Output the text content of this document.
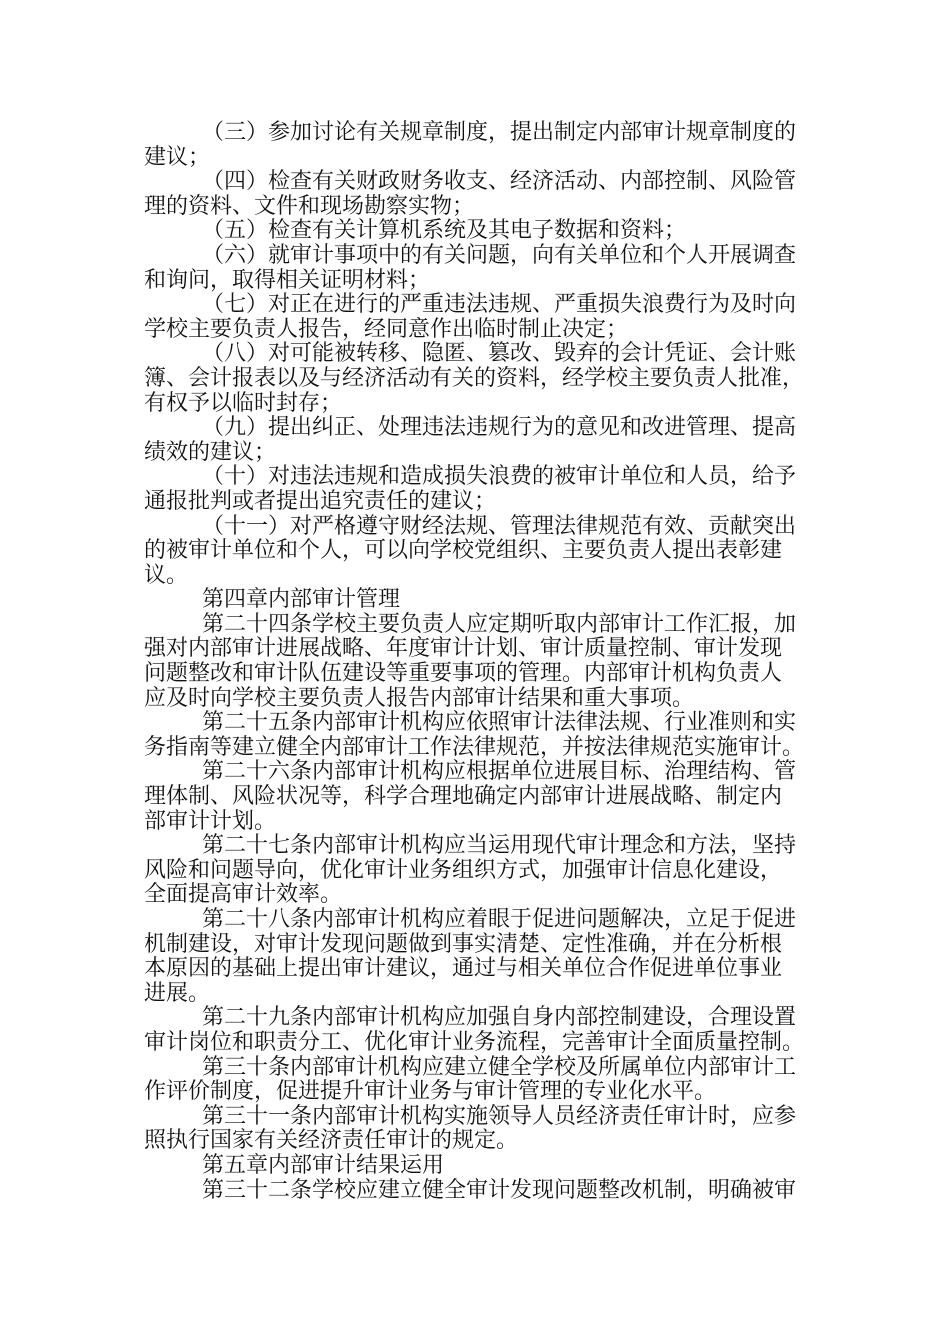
（三）参加讨论有关规章制度，提出制定内部审计规章制度的
建议；

（四）检查有关财政财务收支、经济活动、内部控制、风险管
理的资料、文件和现场勘察实物；

（五）检查有关计算机系统及其电子数据和资料；

（六）就审计事项中的有关问题，向有关单位和个人开展调查
和询问，取得相关证明材料；

（七）对正在进行的严重违法违规、严重损失浪费行为及时向
学校主要负责人报告，经同意作出临时制止决定；

（八）对可能被转移、隐匿、篡改、毁弃的会计凭证、会计账
簿、会计报表以及与经济活动有关的资料，经学校主要负责人批准，
有权予以临时封存；

（九）提出纠正、处理违法违规行为的意见和改进管理、提高
绩效的建议；

（十）对违法违规和造成损失浪费的被审计单位和人员，给予
通报批判或者提出追究责任的建议；

（十一）对严格遵守财经法规、管理法律规范有效、贡献突出
的被审计单位和个人，可以向学校党组织、主要负责人提出表彰建
议。

第四章内部审计管理

第二十四条学校主要负责人应定期听取内部审计工作汇报，加
强对内部审计进展战略、年度审计计划、审计质量控制、审计发现
问题整改和审计队伍建设等重要事项的管理。内部审计机构负责人
应及时向学校主要负责人报告内部审计结果和重大事项。

第二十五条内部审计机构应依照审计法律法规、行业准则和实
务指南等建立健全内部审计工作法律规范，并按法律规范实施审计。

第二十六条内部审计机构应根据单位进展目标、治理结构、管
理体制、风险状况等，科学合理地确定内部审计进展战略、制定内
部审计计划。

第二十七条内部审计机构应当运用现代审计理念和方法，坚持
风险和问题导向，优化审计业务组织方式，加强审计信息化建设，
全面提高审计效率。

第二十八条内部审计机构应着眼于促进问题解决，立足于促进
机制建设，对审计发现问题做到事实清楚、定性准确，并在分析根
本原因的基础上提出审计建议，通过与相关单位合作促进单位事业
进展。

第二十九条内部审计机构应加强自身内部控制建设，合理设置
审计岗位和职责分工、优化审计业务流程，完善审计全面质量控制。

第三十条内部审计机构应建立健全学校及所属单位内部审计工
作评价制度，促进提升审计业务与审计管理的专业化水平。

第三十一条内部审计机构实施领导人员经济责任审计时，应参
照执行国家有关经济责任审计的规定。

第五章内部审计结果运用

第三十二条学校应建立健全审计发现问题整改机制，明确被审
